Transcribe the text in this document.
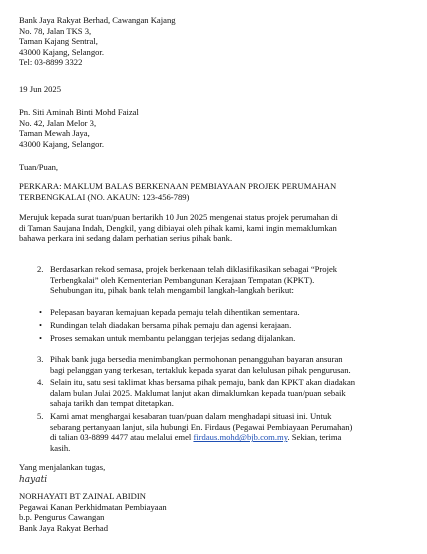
Bank Jaya Rakyat Berhad, Cawangan Kajang
No. 78, Jalan TKS 3,
Taman Kajang Sentral,
43000 Kajang, Selangor.
Tel: 03-8899 3322
19 Jun 2025
Pn. Siti Aminah Binti Mohd Faizal
No. 42, Jalan Melor 3,
Taman Mewah Jaya,
43000 Kajang, Selangor.
Tuan/Puan,
PERKARA: MAKLUM BALAS BERKENAAN PEMBIAYAAN PROJEK PERUMAHAN
TERBENGKALAI (NO. AKAUN: 123-456-789)
Merujuk kepada surat tuan/puan bertarikh 10 Jun 2025 mengenai status projek perumahan di
di Taman Saujana Indah, Dengkil, yang dibiayai oleh pihak kami, kami ingin memaklumkan
bahawa perkara ini sedang dalam perhatian serius pihak bank.
2. Berdasarkan rekod semasa, projek berkenaan telah diklasifikasikan sebagai “Projek
Terbengkalai” oleh Kementerian Pembangunan Kerajaan Tempatan (KPKT).
Sehubungan itu, pihak bank telah mengambil langkah-langkah berikut:
• Pelepasan bayaran kemajuan kepada pemaju telah dihentikan sementara.
• Rundingan telah diadakan bersama pihak pemaju dan agensi kerajaan.
• Proses semakan untuk membantu pelanggan terjejas sedang dijalankan.
3. Pihak bank juga bersedia menimbangkan permohonan penangguhan bayaran ansuran
bagi pelanggan yang terkesan, tertakluk kepada syarat dan kelulusan pihak pengurusan.
4. Selain itu, satu sesi taklimat khas bersama pihak pemaju, bank dan KPKT akan diadakan
dalam bulan Julai 2025. Maklumat lanjut akan dimaklumkan kepada tuan/puan sebaik
sahaja tarikh dan tempat ditetapkan.
5. Kami amat menghargai kesabaran tuan/puan dalam menghadapi situasi ini. Untuk
sebarang pertanyaan lanjut, sila hubungi En. Firdaus (Pegawai Pembiayaan Perumahan)
di talian 03-8899 4477 atau melalui emel firdaus.mohd@bjb.com.my. Sekian, terima
kasih.
Yang menjalankan tugas,
hayati
NORHAYATI BT ZAINAL ABIDIN
Pegawai Kanan Perkhidmatan Pembiayaan
b.p. Pengurus Cawangan
Bank Jaya Rakyat Berhad
